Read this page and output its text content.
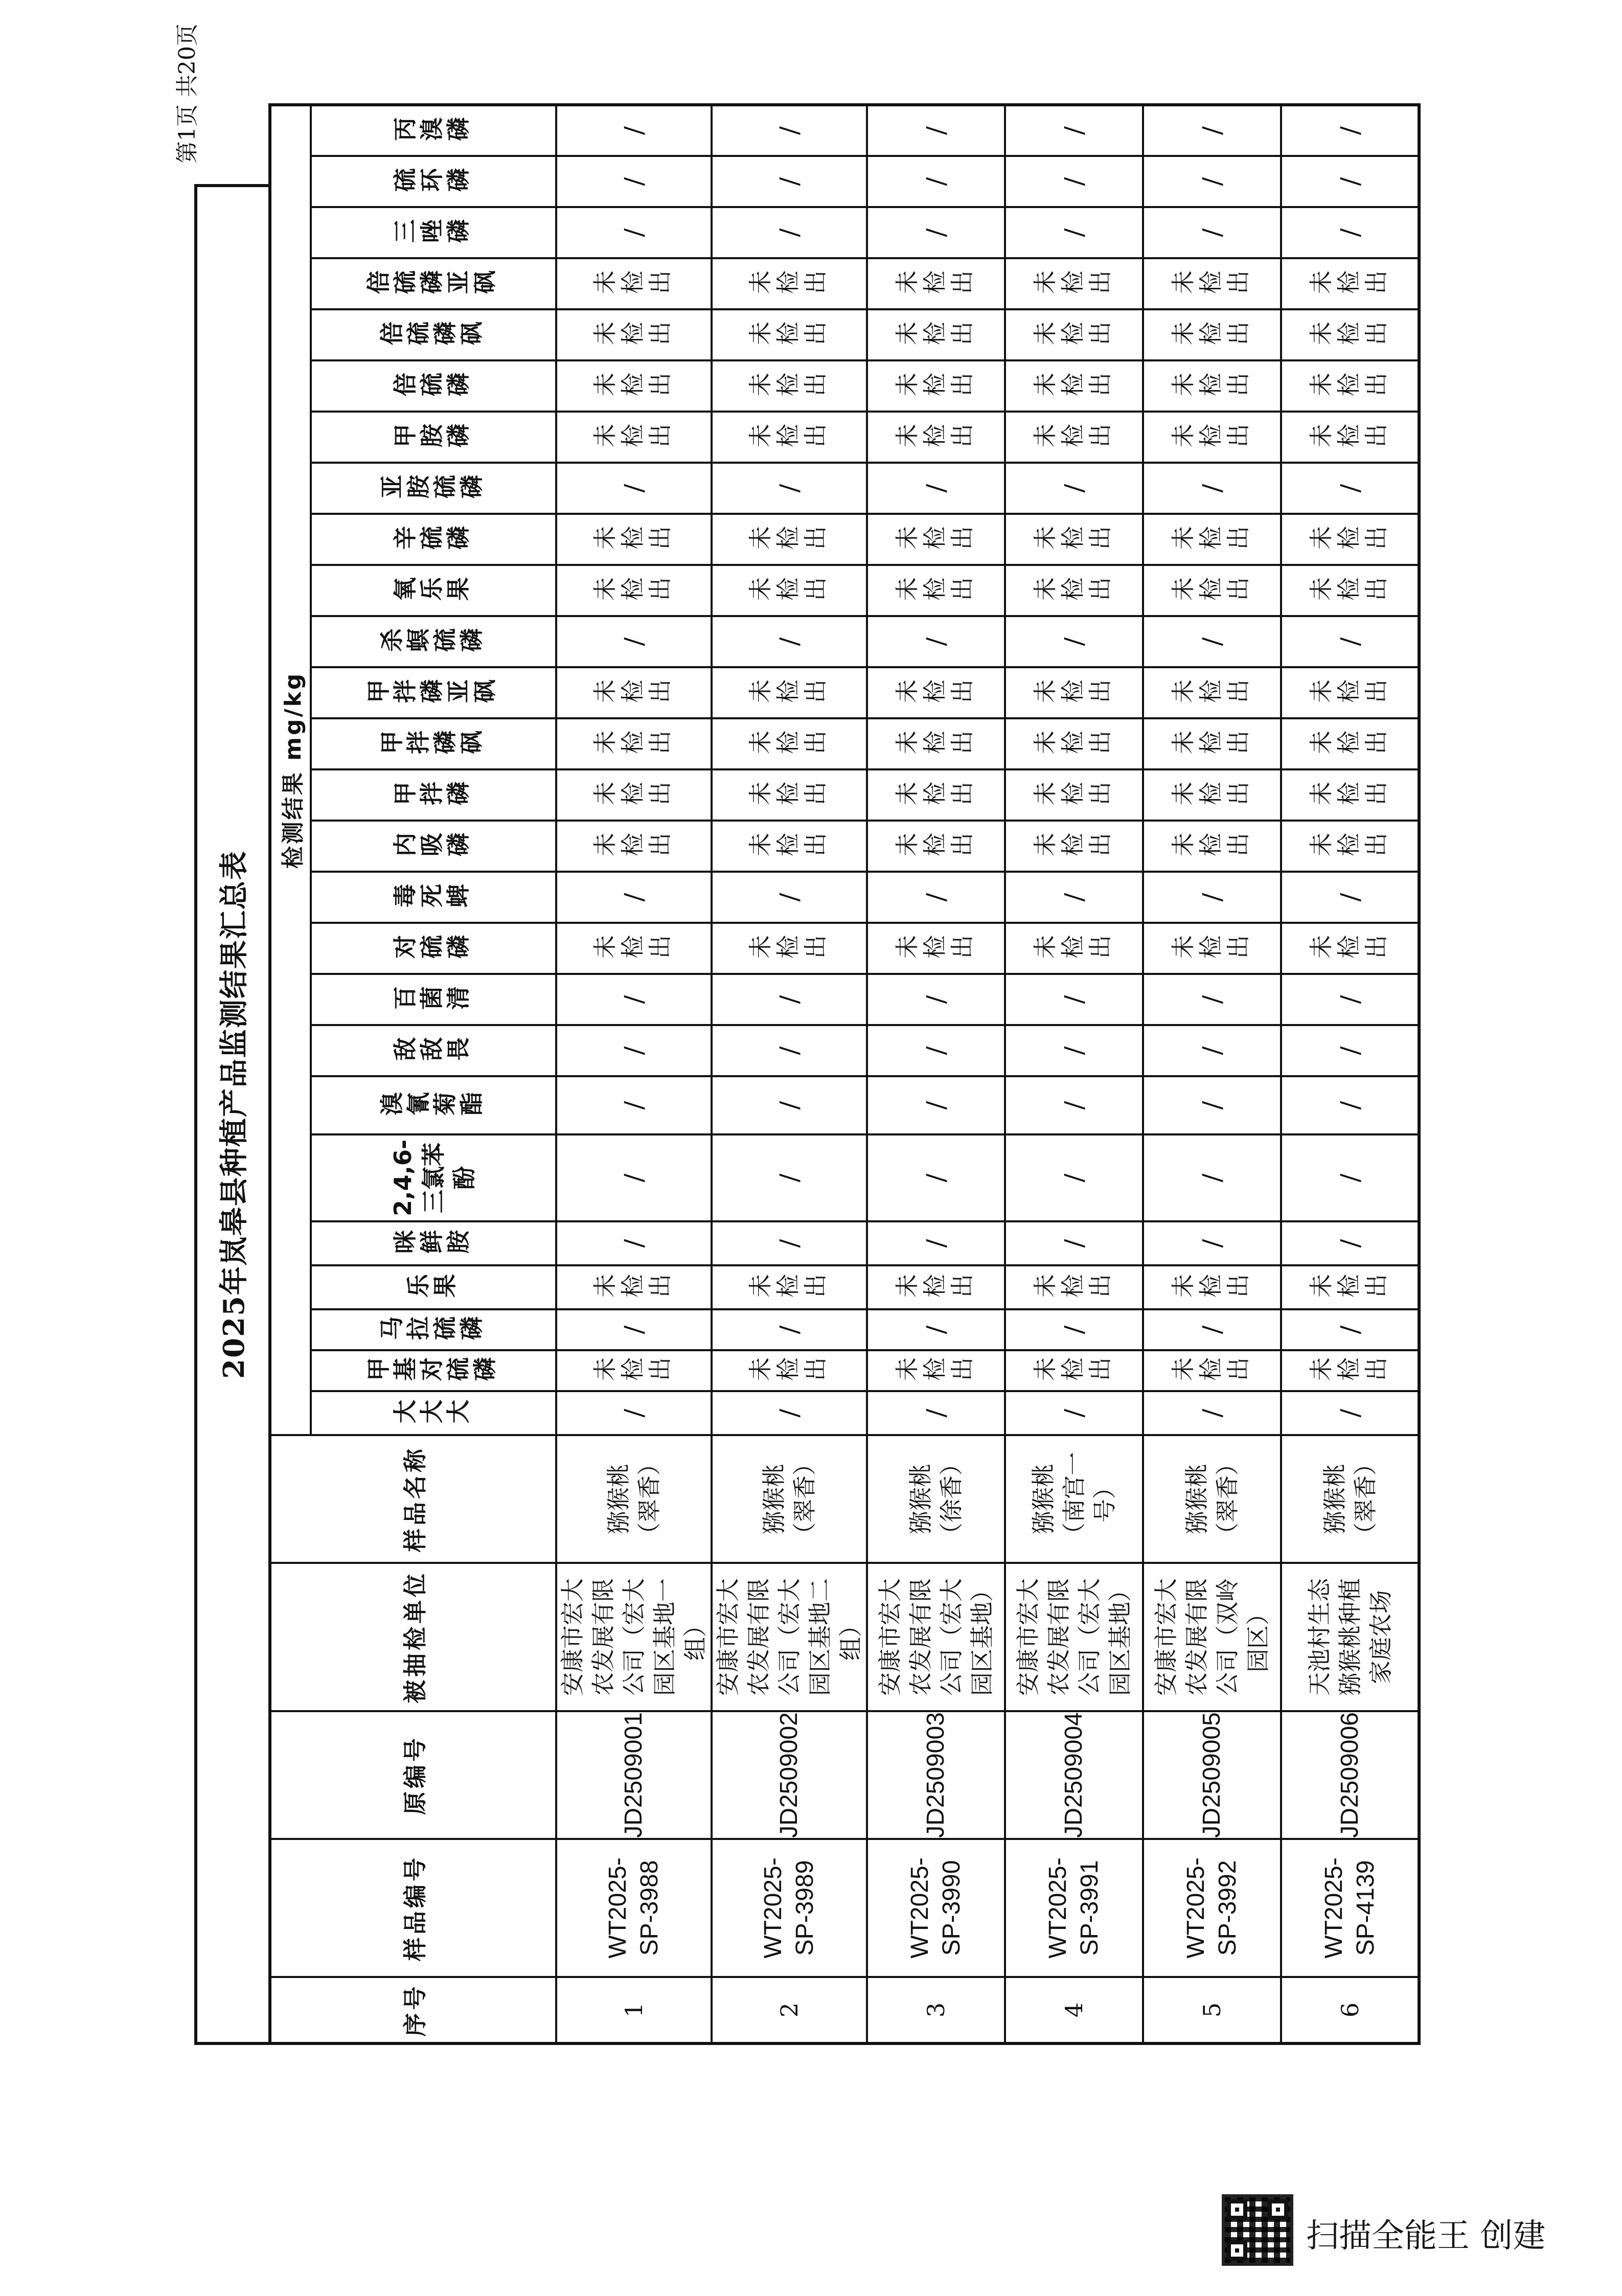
第1页 共20页
2025年岚皋县种植产品监测结果汇总表
序号	样品编号	原编号	被抽检单位	样品名称	检测结果 mg/kg																									
					大大大	甲基对硫磷	马拉硫磷	乐果	咪鲜胺	2,4,6-三氯苯酚	溴氰菊酯	敌敌畏	百菌清	对硫磷	毒死蜱	内吸磷	甲拌磷	甲拌磷砜	甲拌磷亚砜	杀螟硫磷	氧乐果	辛硫磷	亚胺硫磷	甲胺磷	倍硫磷	倍硫磷砜	倍硫磷亚砜	三唑磷	硫环磷	丙溴磷
1	WT2025-SP-3988	JD2509001	安康市宏大农发展有限公司（宏大园区基地一组）	猕猴桃（翠香）	/	未检出	/	未检出	/	/	/	/	/	未检出	/	未检出	未检出	未检出	未检出	/	未检出	未检出	/	未检出	未检出	未检出	未检出	/	/	/
2	WT2025-SP-3989	JD2509002	安康市宏大农发展有限公司（宏大园区基地二组）	猕猴桃（翠香）	/	未检出	/	未检出	/	/	/	/	/	未检出	/	未检出	未检出	未检出	未检出	/	未检出	未检出	/	未检出	未检出	未检出	未检出	/	/	/
3	WT2025-SP-3990	JD2509003	安康市宏大农发展有限公司（宏大园区基地）	猕猴桃（徐香）	/	未检出	/	未检出	/	/	/	/	/	未检出	/	未检出	未检出	未检出	未检出	/	未检出	未检出	/	未检出	未检出	未检出	未检出	/	/	/
4	WT2025-SP-3991	JD2509004	安康市宏大农发展有限公司（宏大园区基地）	猕猴桃（南宫一号）	/	未检出	/	未检出	/	/	/	/	/	未检出	/	未检出	未检出	未检出	未检出	/	未检出	未检出	/	未检出	未检出	未检出	未检出	/	/	/
5	WT2025-SP-3992	JD2509005	安康市宏大农发展有限公司（双岭园区）	猕猴桃（翠香）	/	未检出	/	未检出	/	/	/	/	/	未检出	/	未检出	未检出	未检出	未检出	/	未检出	未检出	/	未检出	未检出	未检出	未检出	/	/	/
6	WT2025-SP-4139	JD2509006	天池村生态猕猴桃种植家庭农场	猕猴桃（翠香）	/	未检出	/	未检出	/	/	/	/	/	未检出	/	未检出	未检出	未检出	未检出	/	未检出	未检出	/	未检出	未检出	未检出	未检出	/	/	/
扫描全能王 创建
